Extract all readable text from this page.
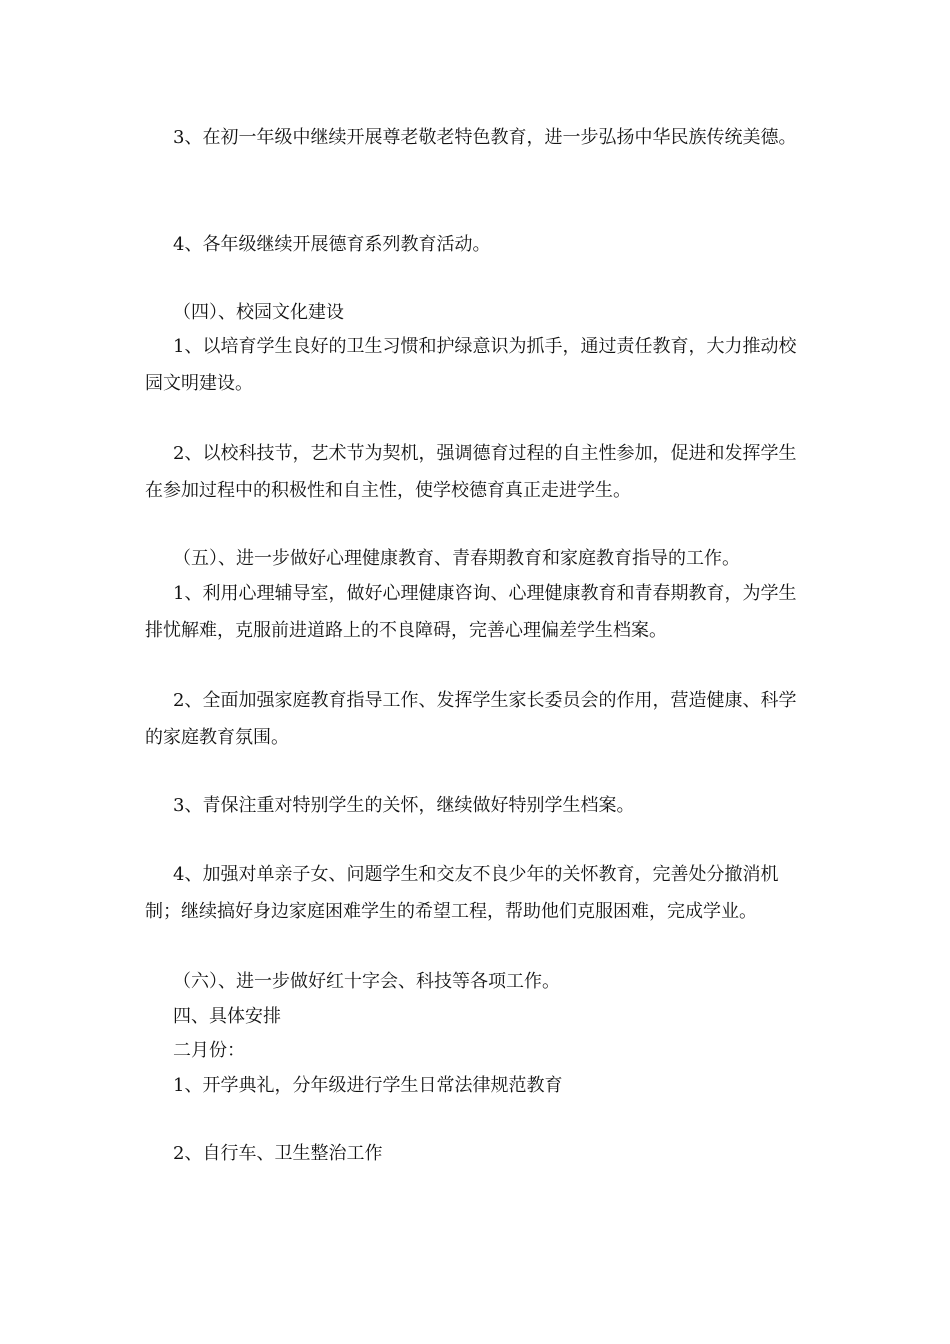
3、在初一年级中继续开展尊老敬老特色教育，进一步弘扬中华民族传统美德。

4、各年级继续开展德育系列教育活动。

（四）、校园文化建设

1、以培育学生良好的卫生习惯和护绿意识为抓手，通过责任教育，大力推动校园文明建设。

2、以校科技节，艺术节为契机，强调德育过程的自主性参加，促进和发挥学生在参加过程中的积极性和自主性，使学校德育真正走进学生。

（五）、进一步做好心理健康教育、青春期教育和家庭教育指导的工作。

1、利用心理辅导室，做好心理健康咨询、心理健康教育和青春期教育，为学生排忧解难，克服前进道路上的不良障碍，完善心理偏差学生档案。

2、全面加强家庭教育指导工作、发挥学生家长委员会的作用，营造健康、科学的家庭教育氛围。

3、青保注重对特别学生的关怀，继续做好特别学生档案。

4、加强对单亲子女、问题学生和交友不良少年的关怀教育，完善处分撤消机制；继续搞好身边家庭困难学生的希望工程，帮助他们克服困难，完成学业。

（六）、进一步做好红十字会、科技等各项工作。

四、具体安排

二月份：

1、开学典礼，分年级进行学生日常法律规范教育

2、自行车、卫生整治工作
